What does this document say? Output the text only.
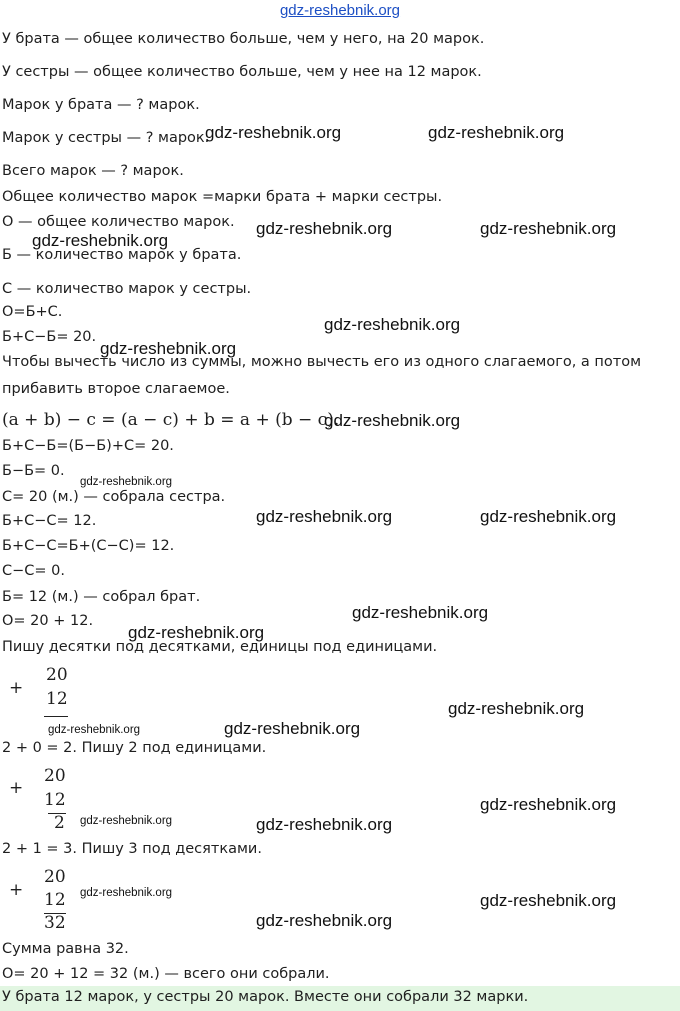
gdz-reshebnik.org
У брата — общее количество больше, чем у него, на 20 марок.
У сестры — общее количество больше, чем у нее на 12 марок.
Марок у брата — ? марок.
Марок у сестры — ? марок.
Всего марок — ? марок.
Общее количество марок =марки брата + марки сестры.
О — общее количество марок.
Б — количество марок у брата.
С — количество марок у сестры.
О=Б+С.
Б+С−Б= 20.
Чтобы вычесть число из суммы, можно вычесть его из одного слагаемого, а потом
прибавить второе слагаемое.
(a + b) − c = (a − c) + b = a + (b − c).
Б+С−Б=(Б−Б)+С= 20.
Б−Б= 0.
С= 20 (м.) — собрала сестра.
Б+С−С= 12.
Б+С−С=Б+(С−С)= 12.
С−С= 0.
Б= 12 (м.) — собрал брат.
О= 20 + 12.
Пишу десятки под десятками, единицы под единицами.
+
20
12
2 + 0 = 2. Пишу 2 под единицами.
+
20
12
2
2 + 1 = 3. Пишу 3 под десятками.
+
20
12
32
Сумма равна 32.
О= 20 + 12 = 32 (м.) — всего они собрали.
У брата 12 марок, у сестры 20 марок. Вместе они собрали 32 марки.
gdz-reshebnik.org	gdz-reshebnik.org
gdz-reshebnik.org	gdz-reshebnik.org
gdz-reshebnik.org
gdz-reshebnik.org
gdz-reshebnik.org
gdz-reshebnik.org
gdz-reshebnik.org
gdz-reshebnik.org	gdz-reshebnik.org
gdz-reshebnik.org
gdz-reshebnik.org
gdz-reshebnik.org
gdz-reshebnik.org
gdz-reshebnik.org
gdz-reshebnik.org
gdz-reshebnik.org	gdz-reshebnik.org
gdz-reshebnik.org	gdz-reshebnik.org
gdz-reshebnik.org
